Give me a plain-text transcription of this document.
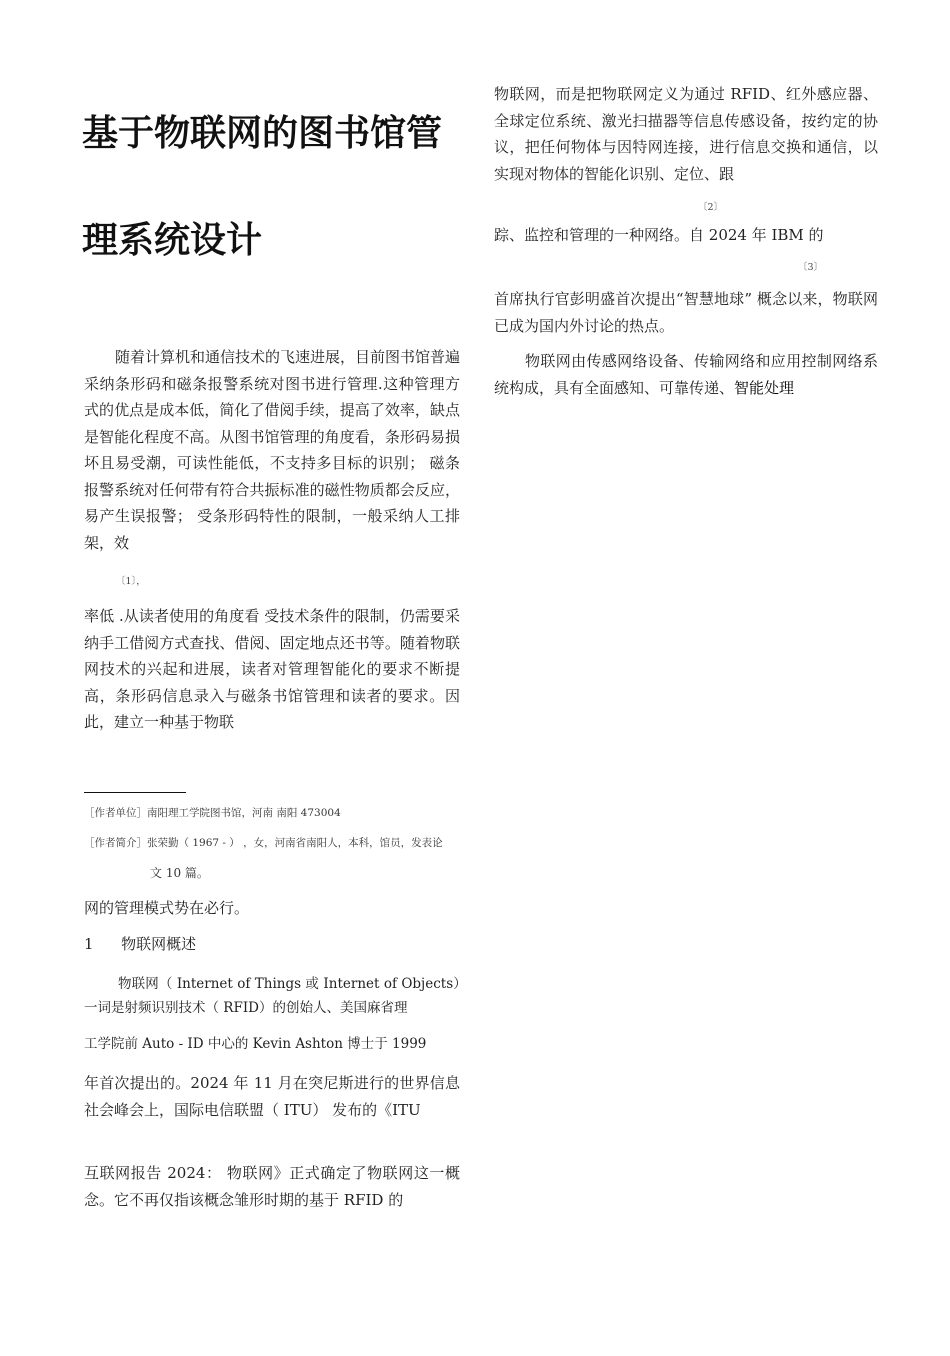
基于物联网的图书馆管
理系统设计

随着计算机和通信技术的飞速进展，目前图书馆普遍采纳条形码和磁条报警系统对图书进行管理.这种管理方式的优点是成本低，简化了借阅手续，提高了效率，缺点是智能化程度不高。从图书馆管理的角度看，条形码易损坏且易受潮，可读性能低，不支持多目标的识别； 磁条报警系统对任何带有符合共振标准的磁性物质都会反应，易产生误报警； 受条形码特性的限制，一般采纳人工排架，效

〔1〕，

率低 .从读者使用的角度看 受技术条件的限制，仍需要采纳手工借阅方式查找、借阅、固定地点还书等。随着物联网技术的兴起和进展，读者对管理智能化的要求不断提高，条形码信息录入与磁条书馆管理和读者的要求。因此，建立一种基于物联

［作者单位］南阳理工学院图书馆，河南 南阳 473004
［作者简介］张荣勤（ 1967 - ） ，女，河南省南阳人，本科，馆员，发表论
文 10 篇。

网的管理模式势在必行。

1 物联网概述

物联网（ Internet of Things 或 Internet of Objects）一词是射频识别技术（ RFID）的创始人、美国麻省理

工学院前 Auto - ID 中心的 Kevin Ashton 博士于 1999

年首次提出的。2024 年 11 月在突尼斯进行的世界信息社会峰会上，国际电信联盟（ ITU） 发布的《ITU

互联网报告 2024： 物联网》正式确定了物联网这一概念。它不再仅指该概念雏形时期的基于 RFID 的

物联网，而是把物联网定义为通过 RFID、红外感应器、全球定位系统、激光扫描器等信息传感设备，按约定的协议，把任何物体与因特网连接，进行信息交换和通信，以实现对物体的智能化识别、定位、跟

〔2〕

踪、监控和管理的一种网络。自 2024 年 IBM 的

〔3〕

首席执行官彭明盛首次提出“智慧地球” 概念以来，物联网已成为国内外讨论的热点。

物联网由传感网络设备、传输网络和应用控制网络系统构成，具有全面感知、可靠传递、智能处理
